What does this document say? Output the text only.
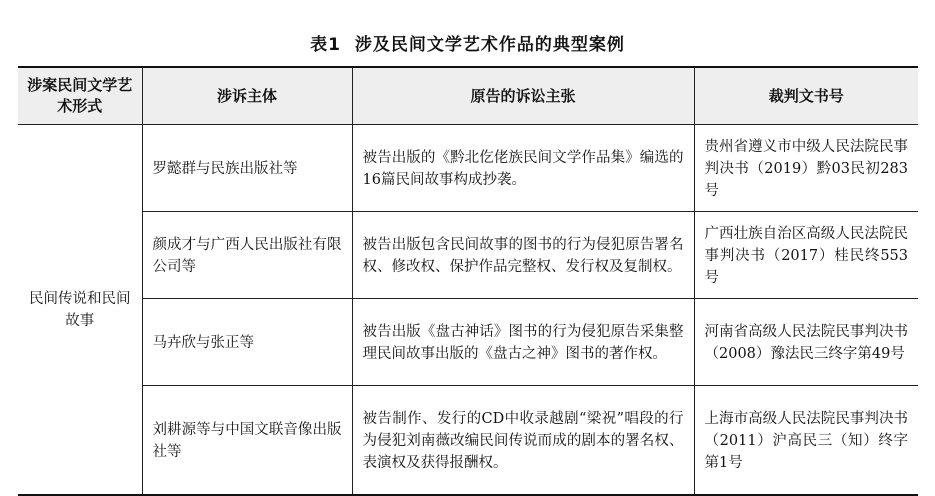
表1 涉及民间文学艺术作品的典型案例
涉案民间文学艺术形式	涉诉主体	原告的诉讼主张	裁判文书号
民间传说和民间故事	罗懿群与民族出版社等	被告出版的《黔北仡佬族民间文学作品集》编选的16篇民间故事构成抄袭。	贵州省遵义市中级人民法院民事判决书（2019）黔03民初283号
	颜成才与广西人民出版社有限公司等	被告出版包含民间故事的图书的行为侵犯原告署名权、修改权、保护作品完整权、发行权及复制权。	广西壮族自治区高级人民法院民事判决书（2017）桂民终553号
	马卉欣与张正等	被告出版《盘古神话》图书的行为侵犯原告采集整理民间故事出版的《盘古之神》图书的著作权。	河南省高级人民法院民事判决书（2008）豫法民三终字第49号
	刘耕源等与中国文联音像出版社等	被告制作、发行的CD中收录越剧“梁祝”唱段的行为侵犯刘南薇改编民间传说而成的剧本的署名权、表演权及获得报酬权。	上海市高级人民法院民事判决书（2011）沪高民三（知）终字第1号
